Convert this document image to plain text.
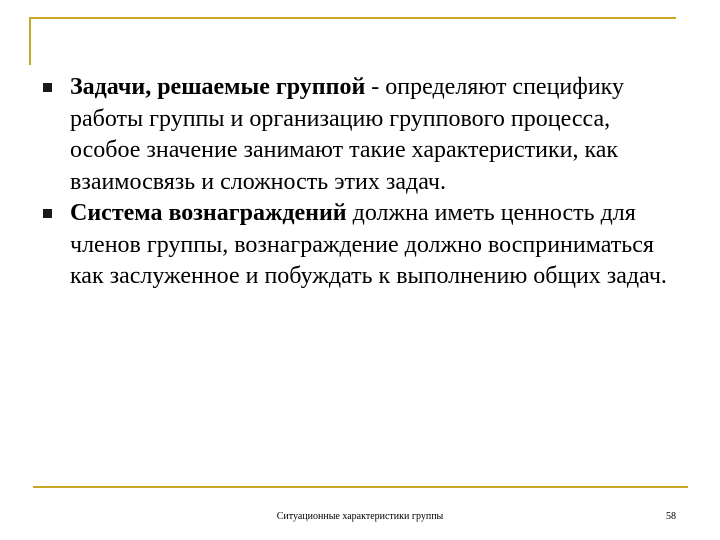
Задачи, решаемые группой - определяют специфику работы группы и организацию группового процесса, особое значение занимают такие характеристики, как взаимосвязь и сложность этих задач.

Система вознаграждений должна иметь ценность для членов группы, вознаграждение должно восприниматься как заслуженное и побуждать к выполнению общих задач.

Ситуационные характеристики группы	58
